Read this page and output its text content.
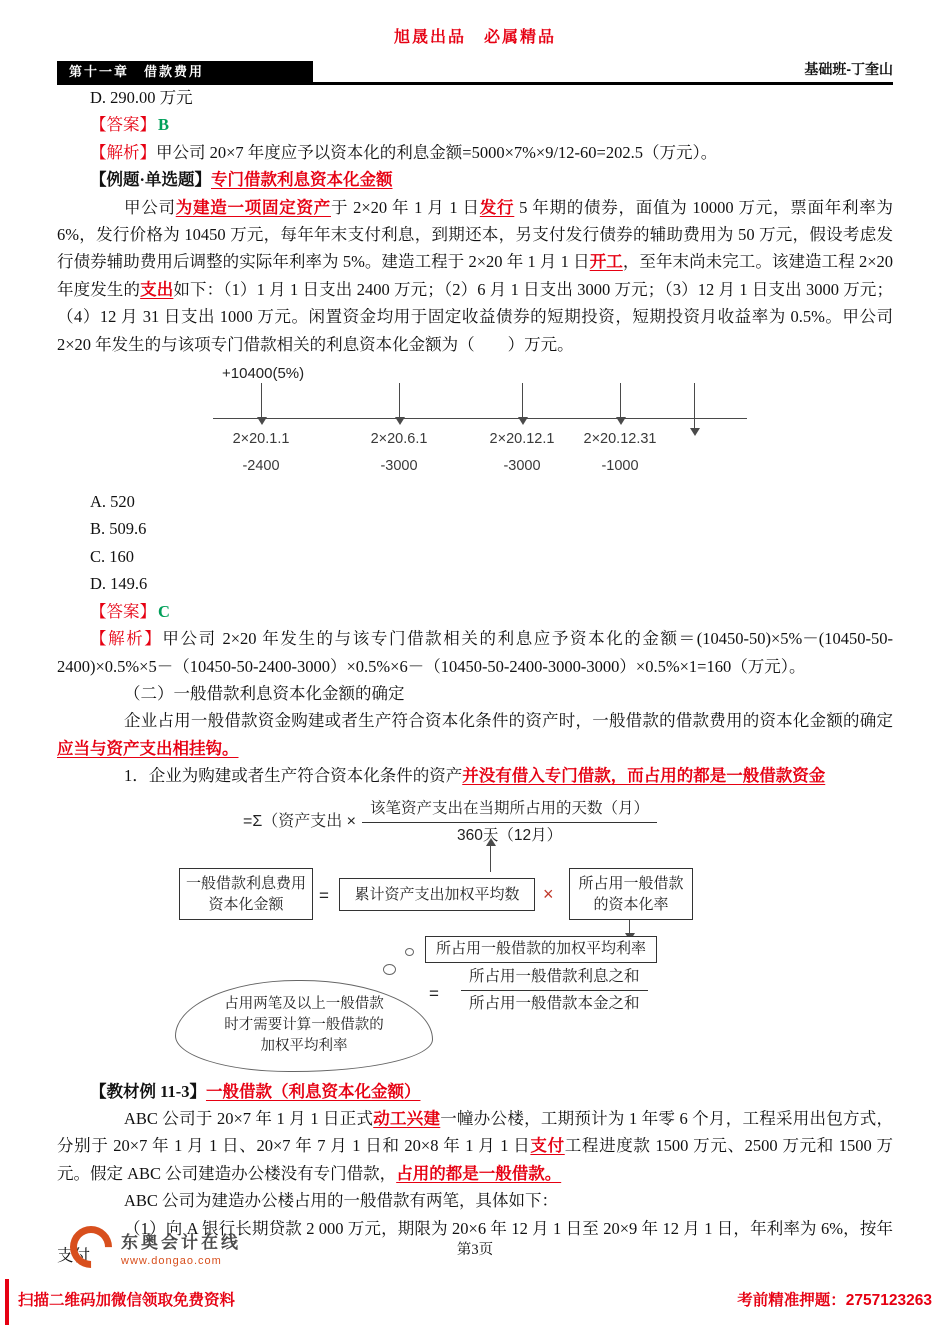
旭晟出品　必属精品
第十一章　借款费用	基础班-丁奎山

D. 290.00 万元

【答案】 B

【解析】甲公司 20×7 年度应予以资本化的利息金额=5000×7%×9/12-60=202.5（万元）。

【例题·单选题】专门借款利息资本化金额

甲公司为建造一项固定资产于 2×20 年 1 月 1 日发行 5 年期的债券，面值为 10000 万元，票面年利率为 6%，发行价格为 10450 万元，每年年末支付利息，到期还本，另支付发行债券的辅助费用为 50 万元，假设考虑发行债券辅助费用后调整的实际年利率为 5%。建造工程于 2×20 年 1 月 1 日开工，至年末尚未完工。该建造工程 2×20 年度发生的支出如下：（1）1 月 1 日支出 2400 万元；（2）6 月 1 日支出 3000 万元；（3）12 月 1 日支出 3000 万元；（4）12 月 31 日支出 1000 万元。闲置资金均用于固定收益债券的短期投资，短期投资月收益率为 0.5%。甲公司 2×20 年发生的与该项专门借款相关的利息资本化金额为（　　）万元。

+10400(5%)
2×20.1.1	2×20.6.1	2×20.12.1	2×20.12.31
-2400	-3000	-3000	-1000

A. 520

B. 509.6

C. 160

D. 149.6

【答案】 C

【解析】甲公司 2×20 年发生的与该专门借款相关的利息应予资本化的金额＝(10450-50)×5%－(10450-50-2400)×0.5%×5－（10450-50-2400-3000）×0.5%×6－（10450-50-2400-3000-3000）×0.5%×1=160（万元）。

（二）一般借款利息资本化金额的确定

企业占用一般借款资金购建或者生产符合资本化条件的资产时，一般借款的借款费用的资本化金额的确定应当与资产支出相挂钩。

1．企业为购建或者生产符合资本化条件的资产并没有借入专门借款，而占用的都是一般借款资金

=Σ（资产支出 × $\frac{\text{该笔资产支出在当期所占用的天数（月）}}{\text{360天（12月）}}$
一般借款利息费用
资本化金额 = 累计资产支出加权平均数 ×
所占用一般借款
的资本化率
所占用一般借款的加权平均利率
=
所占用一般借款利息之和
所占用一般借款本金之和
占用两笔及以上一般借款
时才需要计算一般借款的
加权平均利率

【教材例 11-3】一般借款（利息资本化金额）

ABC 公司于 20×7 年 1 月 1 日正式动工兴建一幢办公楼，工期预计为 1 年零 6 个月，工程采用出包方式，分别于 20×7 年 1 月 1 日、20×7 年 7 月 1 日和 20×8 年 1 月 1 日支付工程进度款 1500 万元、2500 万元和 1500 万元。假定 ABC 公司建造办公楼没有专门借款，占用的都是一般借款。

ABC 公司为建造办公楼占用的一般借款有两笔，具体如下：

（1）向 A 银行长期贷款 2 000 万元，期限为 20×6 年 12 月 1 日至 20×9 年 12 月 1 日，年利率为 6%，按年支付

东奥会计在线
www.dongao.com
第3页
扫描二维码加微信领取免费资料	考前精准押题：2757123263
